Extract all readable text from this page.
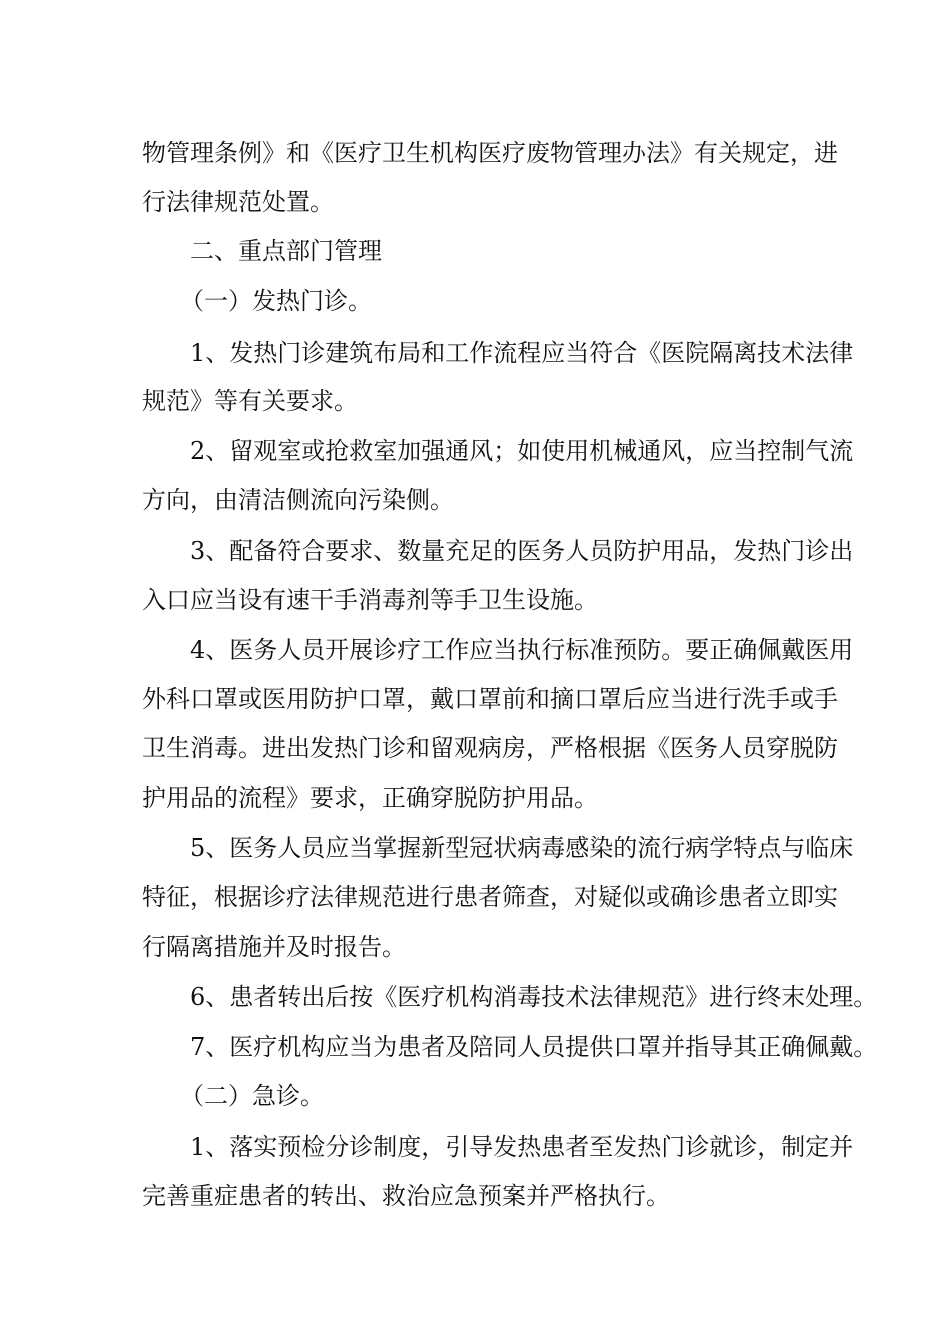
物管理条例》和《医疗卫生机构医疗废物管理办法》有关规定，进
行法律规范处置。
二、重点部门管理
（一）发热门诊。
1、发热门诊建筑布局和工作流程应当符合《医院隔离技术法律
规范》等有关要求。
2、留观室或抢救室加强通风；如使用机械通风，应当控制气流
方向，由清洁侧流向污染侧。
3、配备符合要求、数量充足的医务人员防护用品，发热门诊出
入口应当设有速干手消毒剂等手卫生设施。
4、医务人员开展诊疗工作应当执行标准预防。要正确佩戴医用
外科口罩或医用防护口罩，戴口罩前和摘口罩后应当进行洗手或手
卫生消毒。进出发热门诊和留观病房，严格根据《医务人员穿脱防
护用品的流程》要求，正确穿脱防护用品。
5、医务人员应当掌握新型冠状病毒感染的流行病学特点与临床
特征，根据诊疗法律规范进行患者筛查，对疑似或确诊患者立即实
行隔离措施并及时报告。
6、患者转出后按《医疗机构消毒技术法律规范》进行终末处理。
7、医疗机构应当为患者及陪同人员提供口罩并指导其正确佩戴。
（二）急诊。
1、落实预检分诊制度，引导发热患者至发热门诊就诊，制定并
完善重症患者的转出、救治应急预案并严格执行。
